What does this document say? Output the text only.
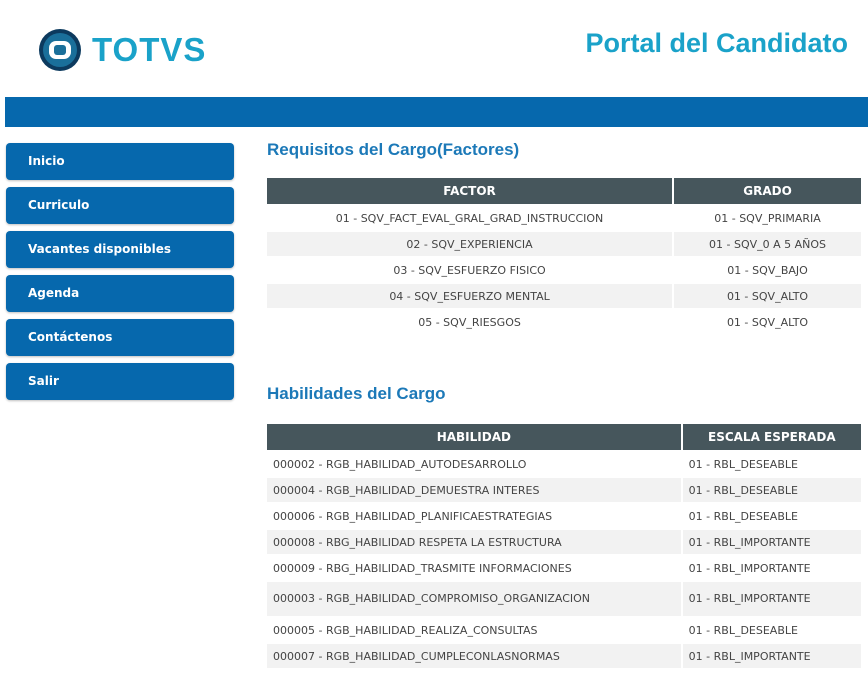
TOTVS	Portal del Candidato
Inicio
Curriculo
Vacantes disponibles
Agenda
Contáctenos
Salir
Requisitos del Cargo(Factores)
FACTOR	GRADO
01 - SQV_FACT_EVAL_GRAL_GRAD_INSTRUCCION	01 - SQV_PRIMARIA
02 - SQV_EXPERIENCIA	01 - SQV_0 A 5 AÑOS
03 - SQV_ESFUERZO FISICO	01 - SQV_BAJO
04 - SQV_ESFUERZO MENTAL	01 - SQV_ALTO
05 - SQV_RIESGOS	01 - SQV_ALTO
Habilidades del Cargo
HABILIDAD	ESCALA ESPERADA
000002 - RGB_HABILIDAD_AUTODESARROLLO	01 - RBL_DESEABLE
000004 - RGB_HABILIDAD_DEMUESTRA INTERES	01 - RBL_DESEABLE
000006 - RGB_HABILIDAD_PLANIFICAESTRATEGIAS	01 - RBL_DESEABLE
000008 - RBG_HABILIDAD RESPETA LA ESTRUCTURA	01 - RBL_IMPORTANTE
000009 - RBG_HABILIDAD_TRASMITE INFORMACIONES	01 - RBL_IMPORTANTE
000003 - RGB_HABILIDAD_COMPROMISO_ORGANIZACION	01 - RBL_IMPORTANTE
000005 - RGB_HABILIDAD_REALIZA_CONSULTAS	01 - RBL_DESEABLE
000007 - RGB_HABILIDAD_CUMPLECONLASNORMAS	01 - RBL_IMPORTANTE
